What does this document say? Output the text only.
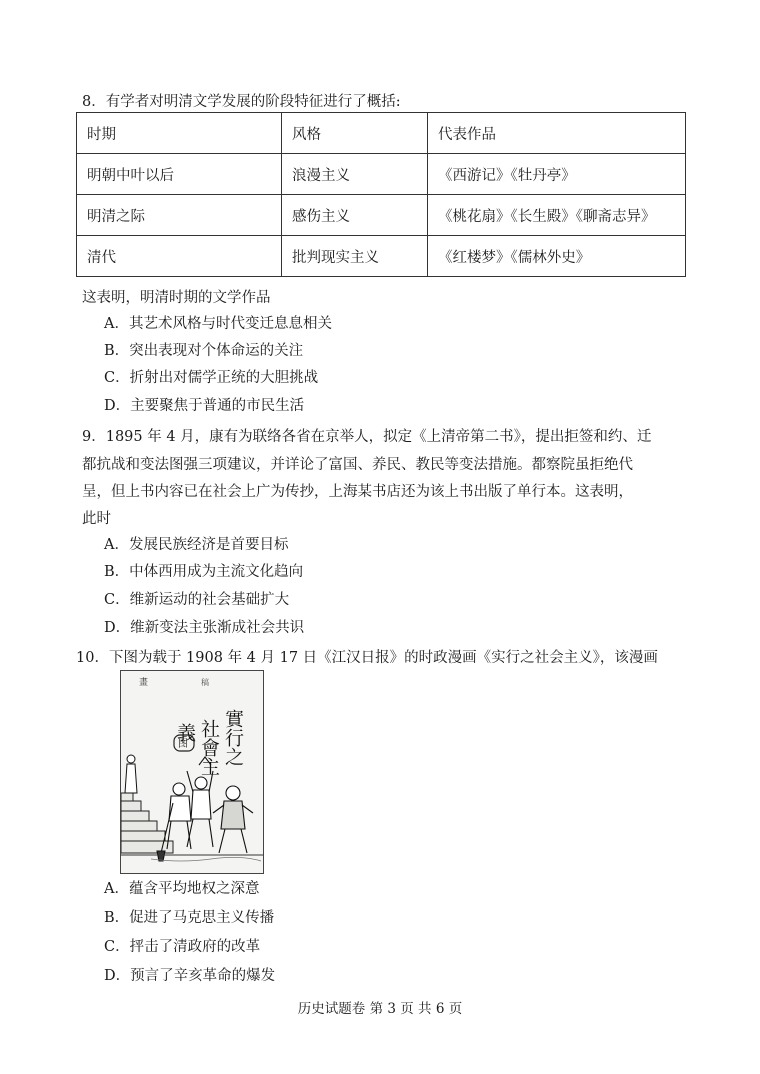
8．有学者对明清文学发展的阶段特征进行了概括:
时期	风格	代表作品
明朝中叶以后	浪漫主义	《西游记》《牡丹亭》
明清之际	感伤主义	《桃花扇》《长生殿》《聊斋志异》
清代	批判现实主义	《红楼梦》《儒林外史》
这表明，明清时期的文学作品
A．其艺术风格与时代变迁息息相关
B．突出表现对个体命运的关注
C．折射出对儒学正统的大胆挑战
D．主要聚焦于普通的市民生活
9．1895 年 4 月，康有为联络各省在京举人，拟定《上清帝第二书》，提出拒签和约、迁
都抗战和变法图强三项建议，并详论了富国、养民、教民等变法措施。都察院虽拒绝代
呈，但上书内容已在社会上广为传抄，上海某书店还为该上书出版了单行本。这表明，
此时
A．发展民族经济是首要目标
B．中体西用成为主流文化趋向
C．维新运动的社会基础扩大
D．维新变法主张渐成社会共识
10．下图为载于 1908 年 4 月 17 日《江汉日报》的时政漫画《实行之社会主义》，该漫画
畫	稿
實行之
社會主
義
图
A．蕴含平均地权之深意
B．促进了马克思主义传播
C．抨击了清政府的改革
D．预言了辛亥革命的爆发
历史试题卷 第 3 页 共 6 页
